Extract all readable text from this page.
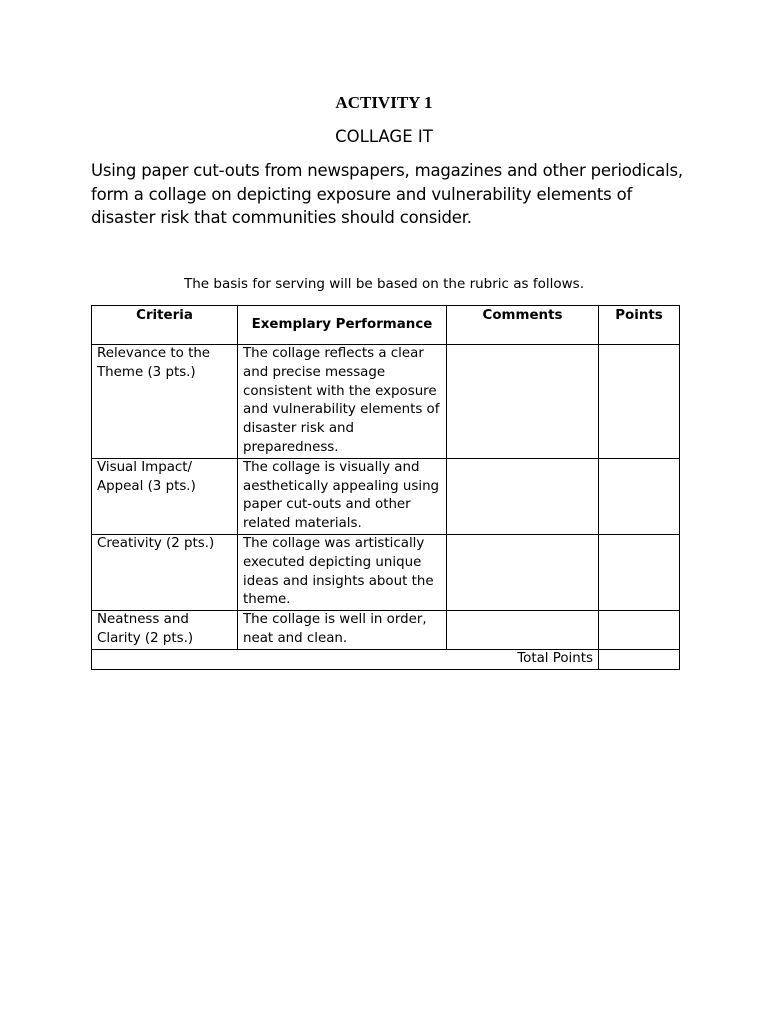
ACTIVITY 1
COLLAGE IT
Using paper cut-outs from newspapers, magazines and other periodicals, form a collage on depicting exposure and vulnerability elements of disaster risk that communities should consider.
The basis for serving will be based on the rubric as follows.
Criteria	Exemplary Performance	Comments	Points
Relevance to the Theme (3 pts.)	The collage reflects a clear and precise message consistent with the exposure and vulnerability elements of disaster risk and preparedness.		
Visual Impact/ Appeal (3 pts.)	The collage is visually and aesthetically appealing using paper cut-outs and other related materials.		
Creativity (2 pts.)	The collage was artistically executed depicting unique ideas and insights about the theme.		
Neatness and Clarity (2 pts.)	The collage is well in order, neat and clean.		
Total Points			
